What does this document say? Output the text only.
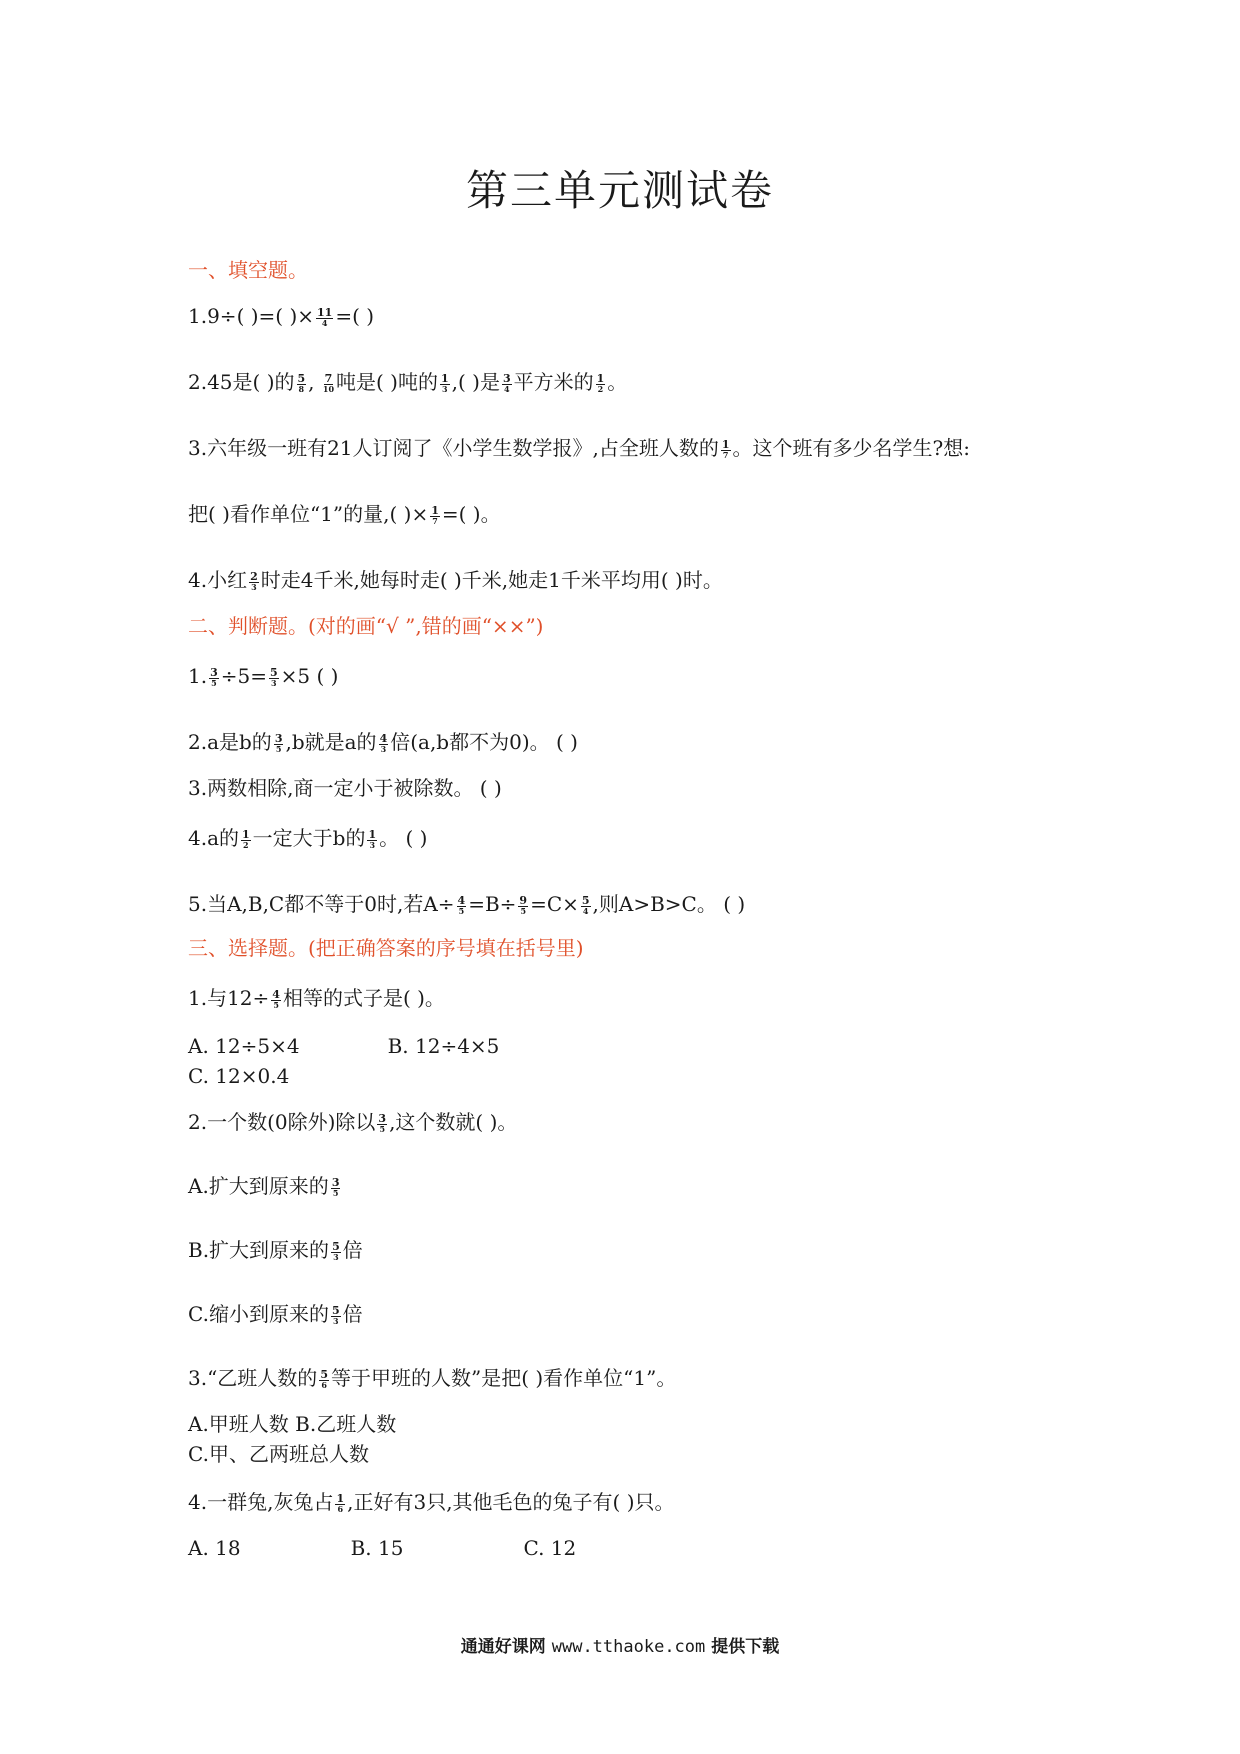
第三单元测试卷
一、填空题。
1.9÷( )=( )× $\frac{11}{4}$ =( )
2.45是( )的 $\frac{5}{8}$ , $\frac{7}{10}$ 吨是( )吨的 $\frac{1}{3}$ ,( )是 $\frac{3}{4}$ 平方米的 $\frac{1}{2}$ 。
3.六年级一班有21人订阅了《小学生数学报》,占全班人数的 $\frac{1}{7}$ 。这个班有多少名学生?想:
把( )看作单位“1”的量,( )× $\frac{1}{7}$ =( )。
4.小红 $\frac{2}{3}$ 时走4千米,她每时走( )千米,她走1千米平均用( )时。
二、判断题。(对的画“√ ”,错的画“××”)
1. $\frac{3}{5} \div 5= \frac{5}{3} \times 5$ ( )
2.a是b的 $\frac{3}{5} ,b$就是a的 $\frac{4}{3}$ 倍(a,b都不为0)。 ( )
3.两数相除,商一定小于被除数。 ( )
4.a的 $\frac{1}{2}$ 一定大于b的 $\frac{1}{3}$ 。 ( )
5.当A,B,C都不等于0时,若$A\div \frac{4}{5} =B\div \frac{9}{5} =C\times \frac{5}{4}$ ,则A>B>C。 ( )
三、选择题。(把正确答案的序号填在括号里)
1.与$12\div \frac{4}{5}$ 相等的式子是( )。
A. 12÷5×4	B. 12÷4×5
C. 12×0.4
2.一个数(0除外)除以 $\frac{3}{5}$ ,这个数就( )。
A.扩大到原来的 $\frac{3}{5}$
B.扩大到原来的 $\frac{5}{3}$ 倍
C.缩小到原来的 $\frac{5}{3}$ 倍
3.“乙班人数的 $\frac{5}{6}$ 等于甲班的人数”是把( )看作单位“1”。
A.甲班人数 B.乙班人数
C.甲、乙两班总人数
4.一群兔,灰兔占 $\frac{1}{6}$ ,正好有3只,其他毛色的兔子有( )只。
A. 18	B. 15	C. 12
通通好课网 www.tthaoke.com 提供下载
